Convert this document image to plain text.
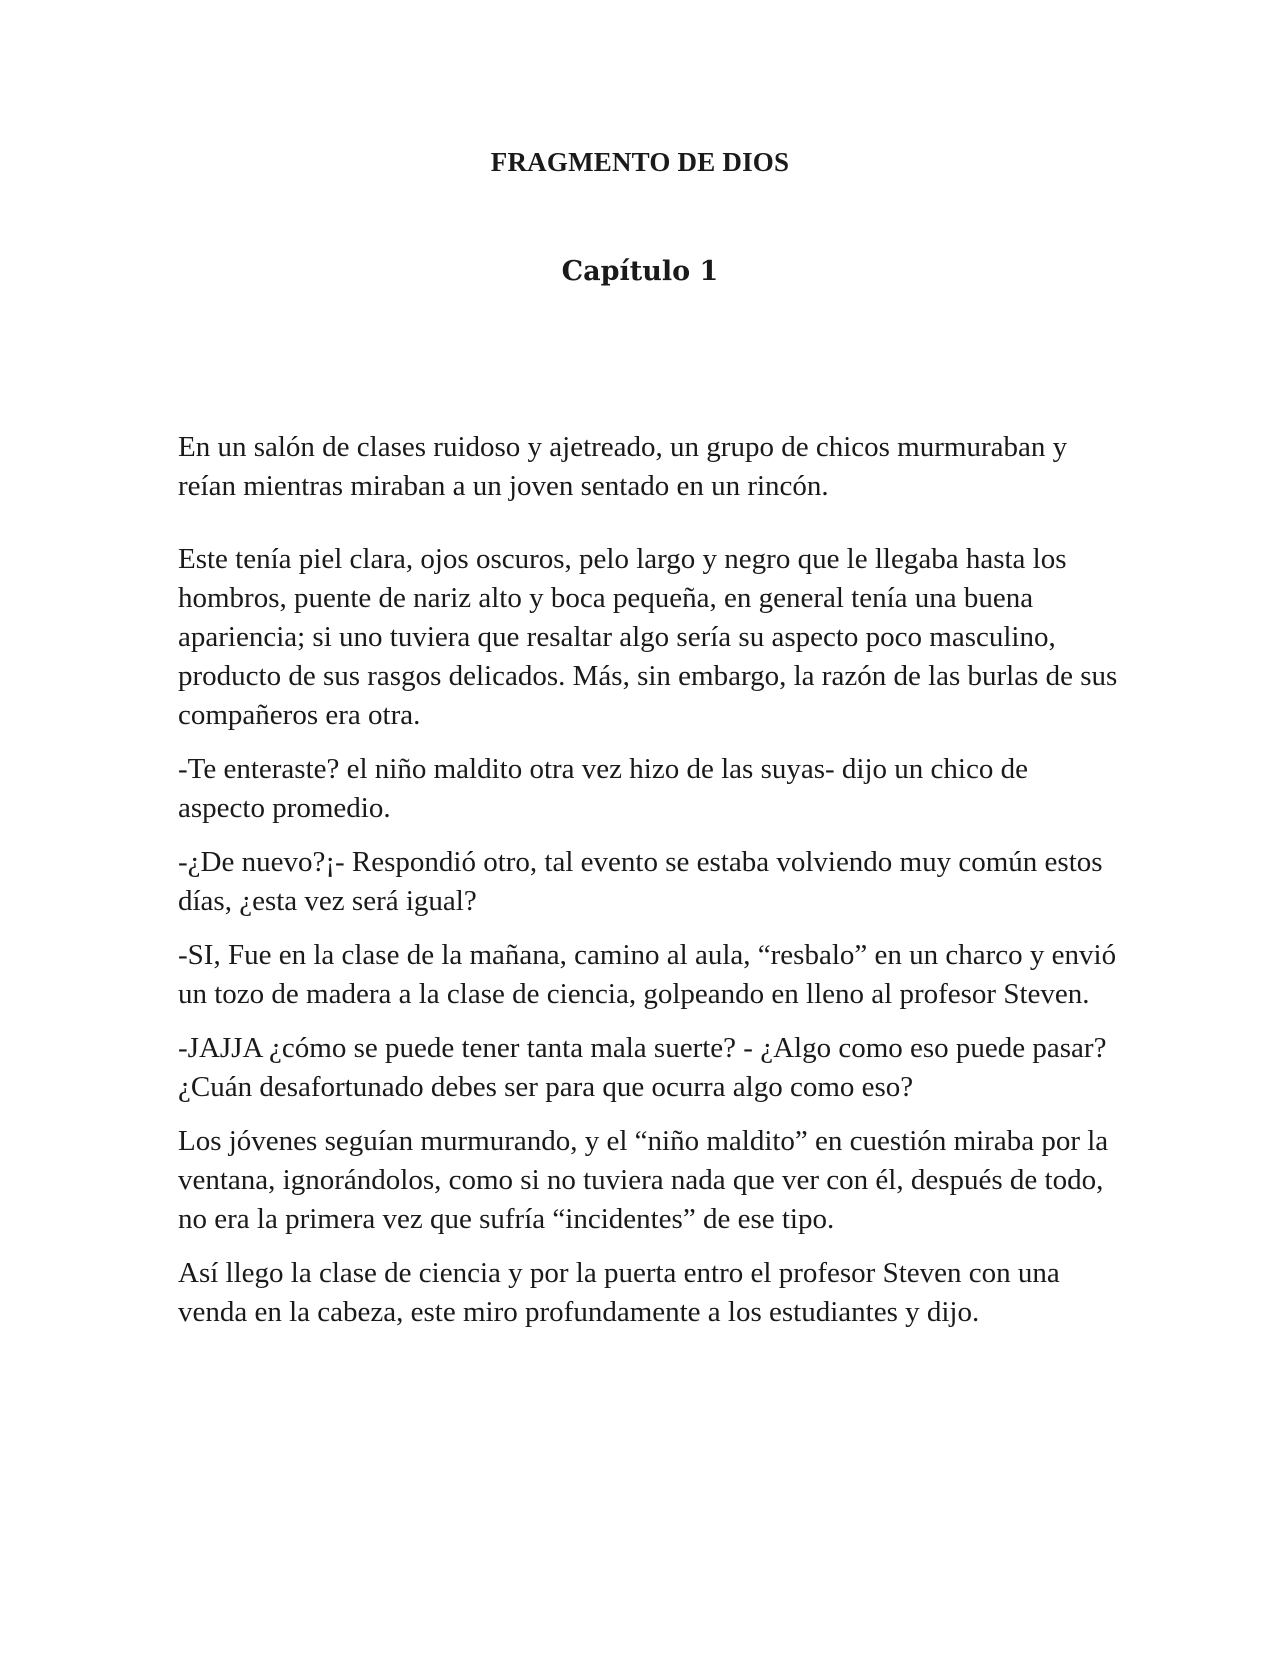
FRAGMENTO DE DIOS
Capítulo 1

En un salón de clases ruidoso y ajetreado, un grupo de chicos murmuraban y reían mientras miraban a un joven sentado en un rincón.

Este tenía piel clara, ojos oscuros, pelo largo y negro que le llegaba hasta los hombros, puente de nariz alto y boca pequeña, en general tenía una buena apariencia; si uno tuviera que resaltar algo sería su aspecto poco masculino, producto de sus rasgos delicados. Más, sin embargo, la razón de las burlas de sus compañeros era otra.

-Te enteraste? el niño maldito otra vez hizo de las suyas- dijo un chico de aspecto promedio.

-¿De nuevo?¡- Respondió otro, tal evento se estaba volviendo muy común estos días, ¿esta vez será igual?

-SI, Fue en la clase de la mañana, camino al aula, “resbalo” en un charco y envió un tozo de madera a la clase de ciencia, golpeando en lleno al profesor Steven.

-JAJJA ¿cómo se puede tener tanta mala suerte? - ¿Algo como eso puede pasar? ¿Cuán desafortunado debes ser para que ocurra algo como eso?

Los jóvenes seguían murmurando, y el “niño maldito” en cuestión miraba por la ventana, ignorándolos, como si no tuviera nada que ver con él, después de todo, no era la primera vez que sufría “incidentes” de ese tipo.

Así llego la clase de ciencia y por la puerta entro el profesor Steven con una venda en la cabeza, este miro profundamente a los estudiantes y dijo.
